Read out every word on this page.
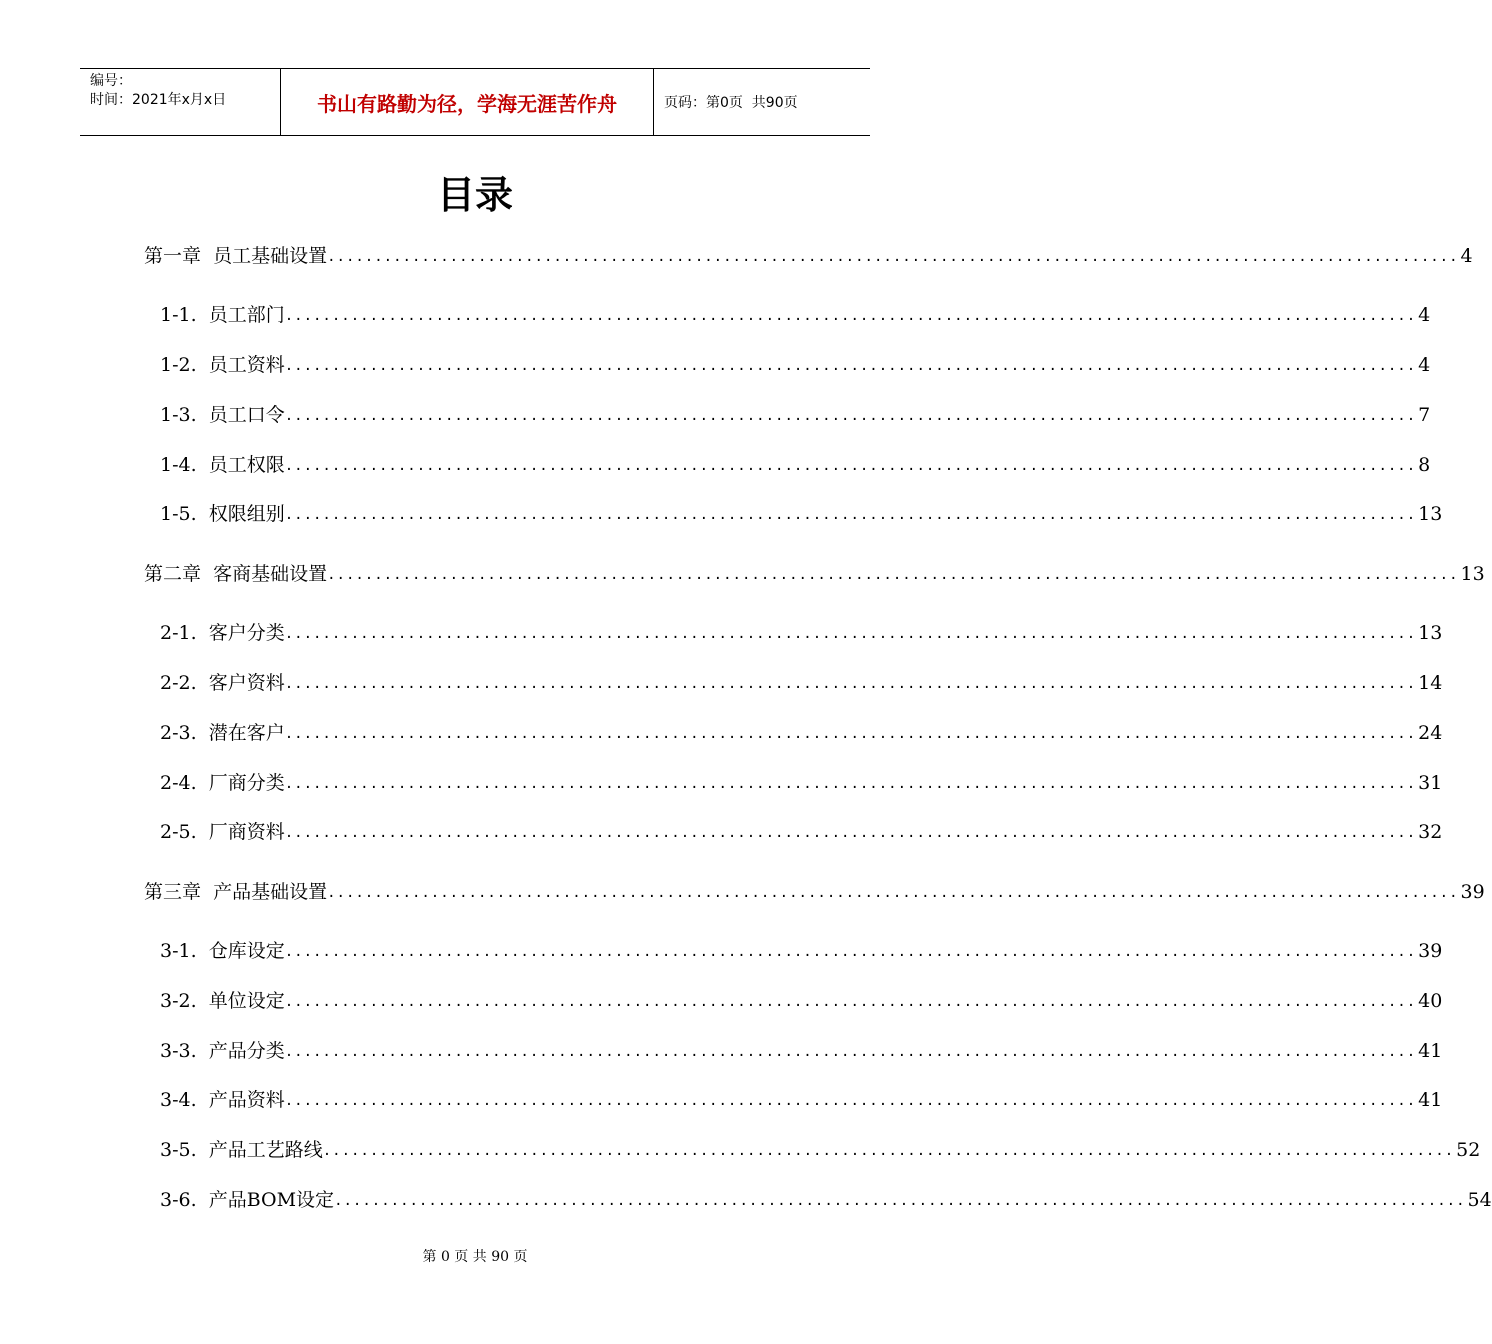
编号：
时间：2021年x月x日	书山有路勤为径，学海无涯苦作舟	页码：第0页  共90页
目录
第一章  员工基础设置 ........................................................................................................................ 4
1-1.  员工部门 ........................................................................................................................ 4
1-2.  员工资料 ........................................................................................................................ 4
1-3.  员工口令 ........................................................................................................................ 7
1-4.  员工权限 ........................................................................................................................ 8
1-5.  权限组别 ........................................................................................................................ 13
第二章  客商基础设置 ........................................................................................................................ 13
2-1.  客户分类 ........................................................................................................................ 13
2-2.  客户资料 ........................................................................................................................ 14
2-3.  潜在客户 ........................................................................................................................ 24
2-4.  厂商分类 ........................................................................................................................ 31
2-5.  厂商资料 ........................................................................................................................ 32
第三章  产品基础设置 ........................................................................................................................ 39
3-1.  仓库设定 ........................................................................................................................ 39
3-2.  单位设定 ........................................................................................................................ 40
3-3.  产品分类 ........................................................................................................................ 41
3-4.  产品资料 ........................................................................................................................ 41
3-5.  产品工艺路线 ........................................................................................................................ 52
3-6.  产品BOM设定 ........................................................................................................................ 54
第 0 页 共 90 页
